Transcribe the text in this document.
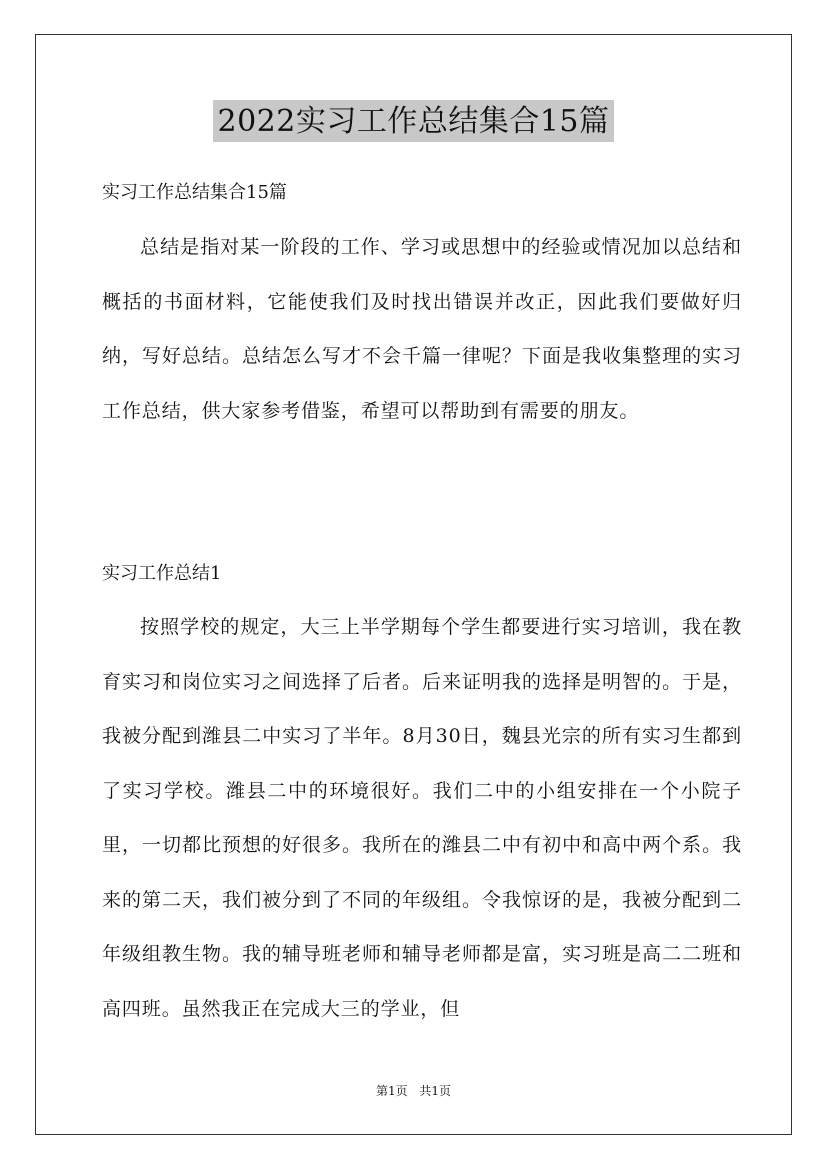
2022实习工作总结集合15篇
实习工作总结集合15篇

总结是指对某一阶段的工作、学习或思想中的经验或情况加以总结和概括的书面材料，它能使我们及时找出错误并改正，因此我们要做好归纳，写好总结。总结怎么写才不会千篇一律呢？下面是我收集整理的实习工作总结，供大家参考借鉴，希望可以帮助到有需要的朋友。

实习工作总结1

按照学校的规定，大三上半学期每个学生都要进行实习培训，我在教育实习和岗位实习之间选择了后者。后来证明我的选择是明智的。于是，我被分配到潍县二中实习了半年。8月30日，魏县光宗的所有实习生都到了实习学校。潍县二中的环境很好。我们二中的小组安排在一个小院子里，一切都比预想的好很多。我所在的潍县二中有初中和高中两个系。我来的第二天，我们被分到了不同的年级组。令我惊讶的是，我被分配到二年级组教生物。我的辅导班老师和辅导老师都是富，实习班是高二二班和高四班。虽然我正在完成大三的学业，但

第1页 共1页
